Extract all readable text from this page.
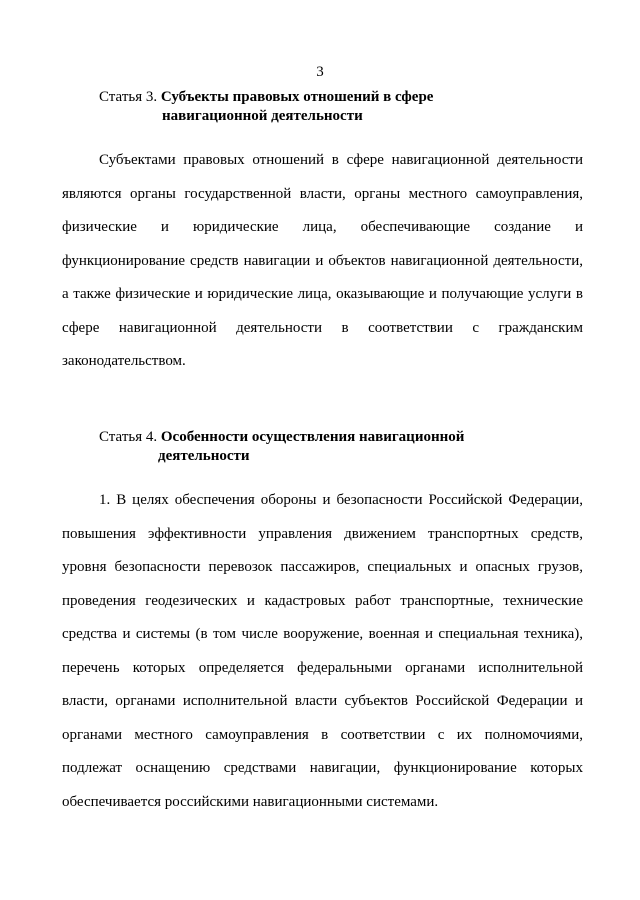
3
Статья 3. Субъекты правовых отношений в сфере
навигационной деятельности
Субъектами правовых отношений в сфере навигационной деятельности
являются органы государственной власти, органы местного самоуправления,
физические и юридические лица, обеспечивающие создание и
функционирование средств навигации и объектов навигационной деятельности,
а также физические и юридические лица, оказывающие и получающие услуги в
сфере навигационной деятельности в соответствии с гражданским
законодательством.
Статья 4. Особенности осуществления навигационной
деятельности
1. В целях обеспечения обороны и безопасности Российской Федерации,
повышения эффективности управления движением транспортных средств,
уровня безопасности перевозок пассажиров, специальных и опасных грузов,
проведения геодезических и кадастровых работ транспортные, технические
средства и системы (в том числе вооружение, военная и специальная техника),
перечень которых определяется федеральными органами исполнительной
власти, органами исполнительной власти субъектов Российской Федерации и
органами местного самоуправления в соответствии с их полномочиями,
подлежат оснащению средствами навигации, функционирование которых
обеспечивается российскими навигационными системами.
